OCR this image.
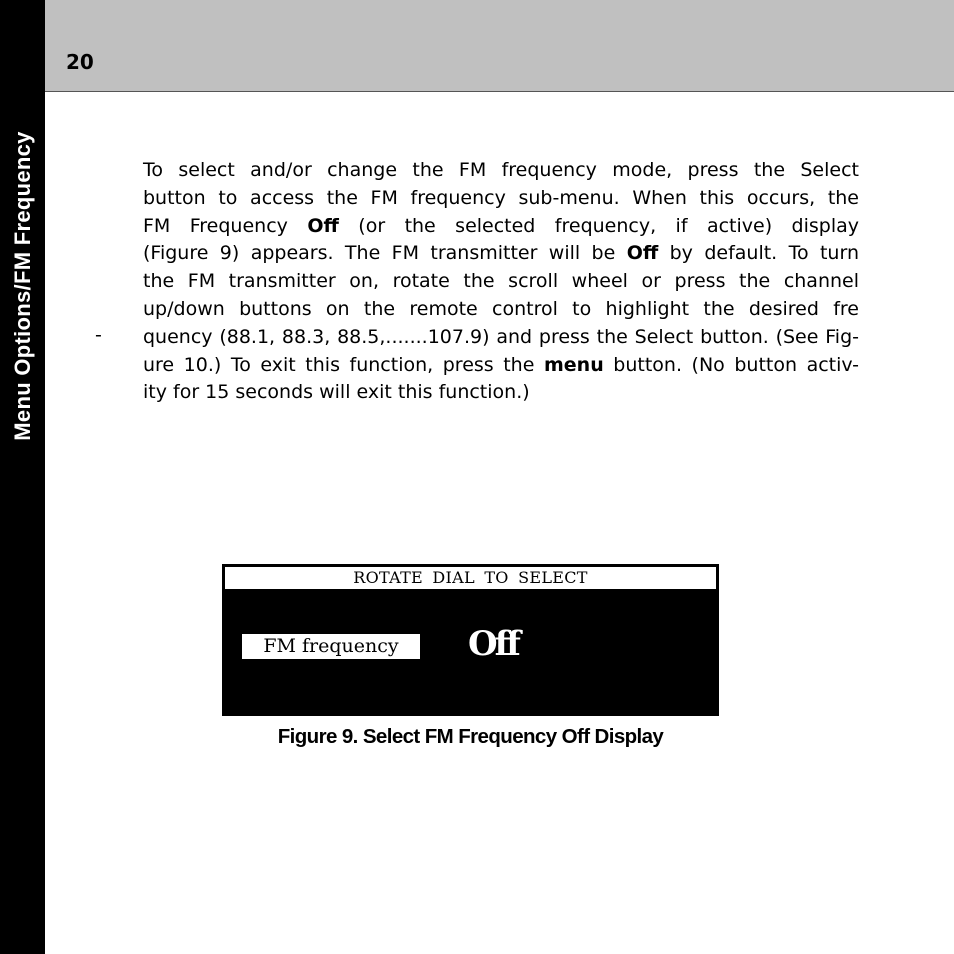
Menu Options/FM Frequency
20
To select and/or change the FM frequency mode, press the Select
button to access the FM frequency sub-menu. When this occurs, the
FM Frequency Off (or the selected frequency, if active) display
(Figure 9) appears. The FM transmitter will be Off by default. To turn
the FM transmitter on, rotate the scroll wheel or press the channel
up/down buttons on the remote control to highlight the desired fre
quency (88.1, 88.3, 88.5,.......107.9) and press the Select button. (See Fig-
ure 10.) To exit this function, press the menu button. (No button activ-
ity for 15 seconds will exit this function.)
-
ROTATE DIAL TO SELECT
FM frequency	Off
Figure 9. Select FM Frequency Off Display
